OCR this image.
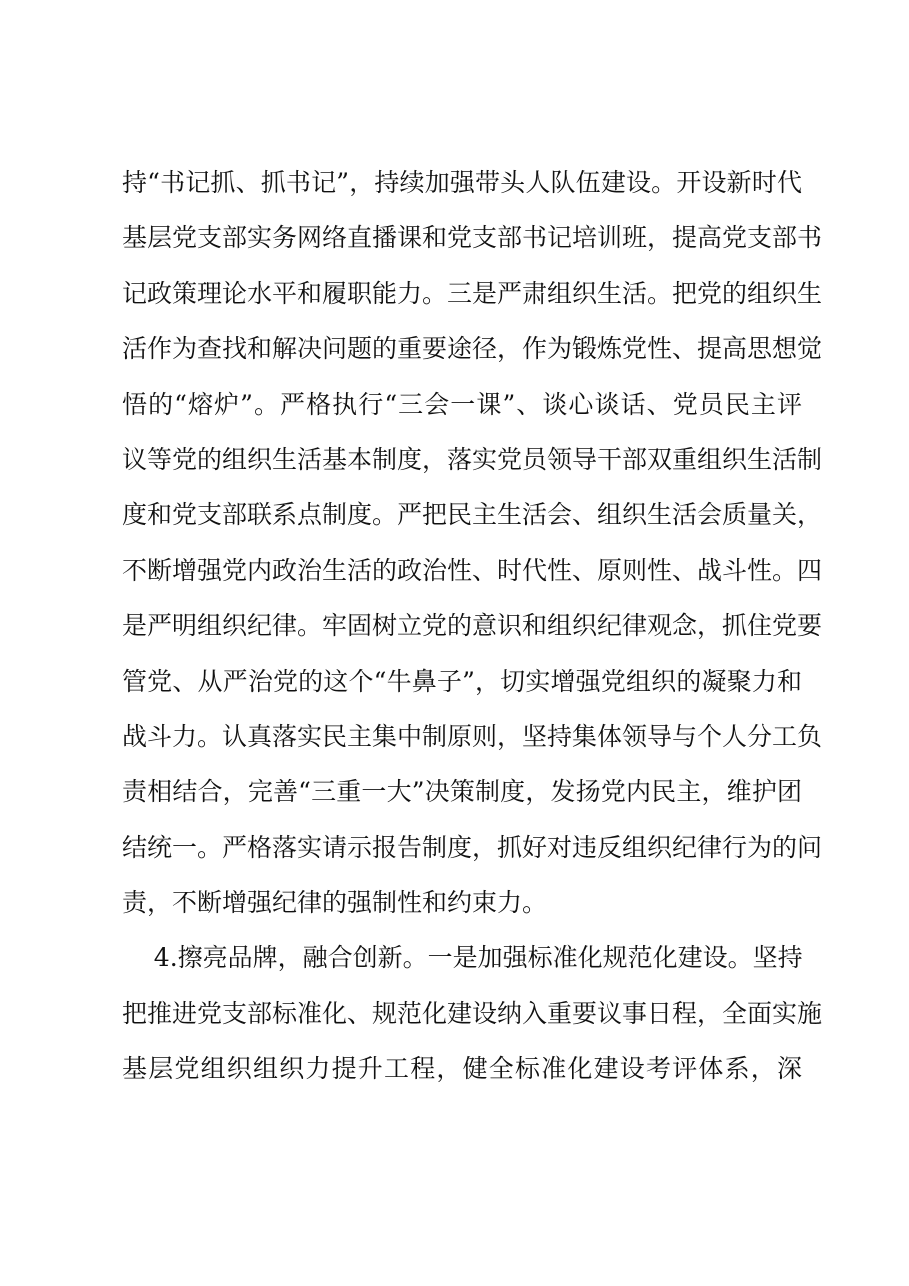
持“书记抓、抓书记”，持续加强带头人队伍建设。开设新时代
基层党支部实务网络直播课和党支部书记培训班，提高党支部书
记政策理论水平和履职能力。三是严肃组织生活。把党的组织生
活作为查找和解决问题的重要途径，作为锻炼党性、提高思想觉
悟的“熔炉”。严格执行“三会一课”、谈心谈话、党员民主评
议等党的组织生活基本制度，落实党员领导干部双重组织生活制
度和党支部联系点制度。严把民主生活会、组织生活会质量关，
不断增强党内政治生活的政治性、时代性、原则性、战斗性。四
是严明组织纪律。牢固树立党的意识和组织纪律观念，抓住党要
管党、从严治党的这个“牛鼻子”，切实增强党组织的凝聚力和
战斗力。认真落实民主集中制原则，坚持集体领导与个人分工负
责相结合，完善“三重一大”决策制度，发扬党内民主，维护团
结统一。严格落实请示报告制度，抓好对违反组织纪律行为的问
责，不断增强纪律的强制性和约束力。
4.擦亮品牌，融合创新。一是加强标准化规范化建设。坚持
把推进党支部标准化、规范化建设纳入重要议事日程，全面实施
基层党组织组织力提升工程，健全标准化建设考评体系，深
